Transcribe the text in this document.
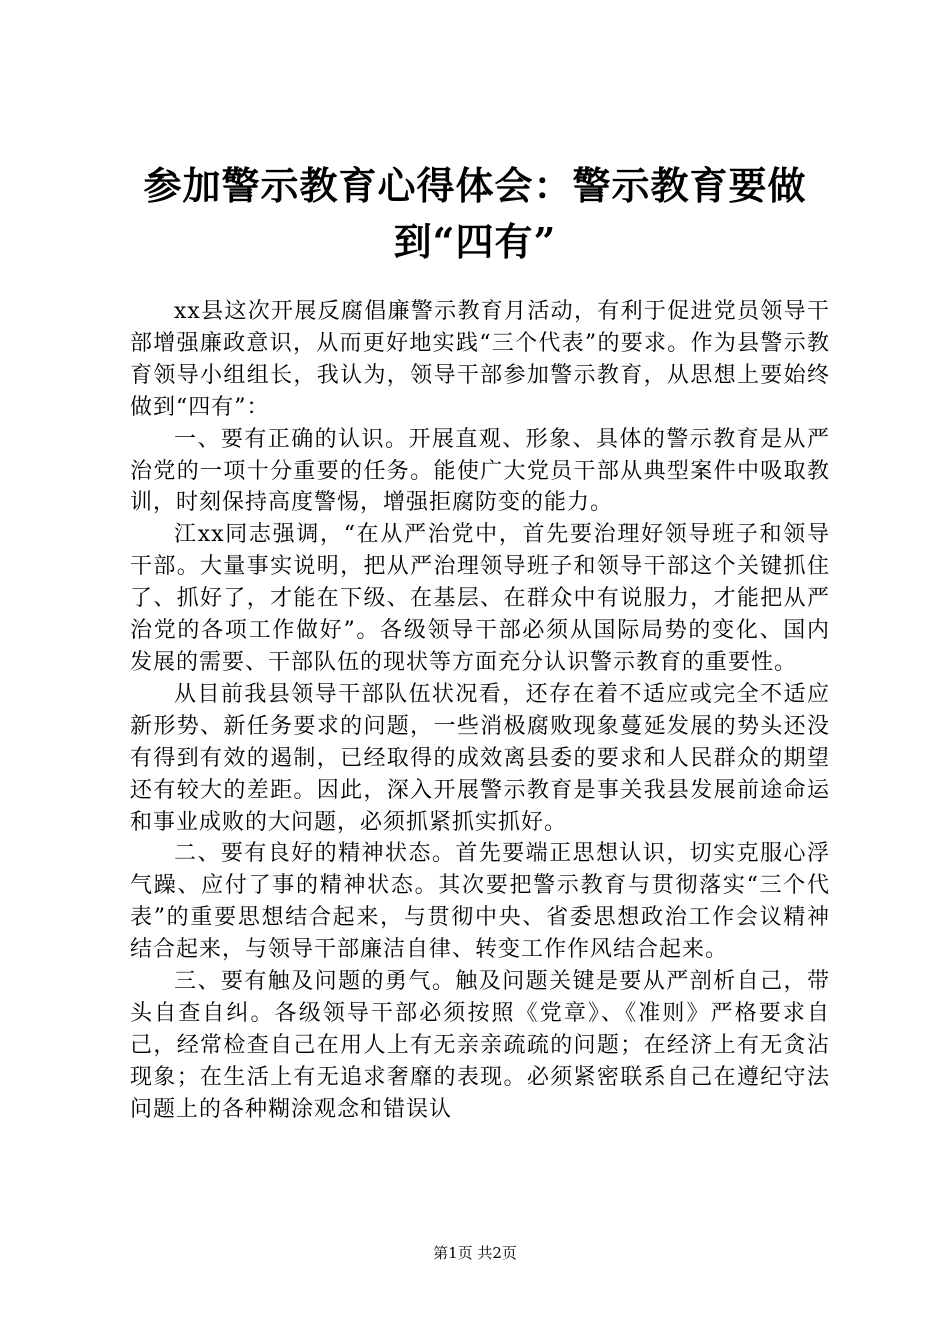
参加警示教育心得体会：警示教育要做到“四有”

xx县这次开展反腐倡廉警示教育月活动，有利于促进党员领导干部增强廉政意识，从而更好地实践“三个代表”的要求。作为县警示教育领导小组组长，我认为，领导干部参加警示教育，从思想上要始终做到“四有”：

一、要有正确的认识。开展直观、形象、具体的警示教育是从严治党的一项十分重要的任务。能使广大党员干部从典型案件中吸取教训，时刻保持高度警惕，增强拒腐防变的能力。

江xx同志强调，“在从严治党中，首先要治理好领导班子和领导干部。大量事实说明，把从严治理领导班子和领导干部这个关键抓住了、抓好了，才能在下级、在基层、在群众中有说服力，才能把从严治党的各项工作做好”。各级领导干部必须从国际局势的变化、国内发展的需要、干部队伍的现状等方面充分认识警示教育的重要性。

从目前我县领导干部队伍状况看，还存在着不适应或完全不适应新形势、新任务要求的问题，一些消极腐败现象蔓延发展的势头还没有得到有效的遏制，已经取得的成效离县委的要求和人民群众的期望还有较大的差距。因此，深入开展警示教育是事关我县发展前途命运和事业成败的大问题，必须抓紧抓实抓好。

二、要有良好的精神状态。首先要端正思想认识，切实克服心浮气躁、应付了事的精神状态。其次要把警示教育与贯彻落实“三个代表”的重要思想结合起来，与贯彻中央、省委思想政治工作会议精神结合起来，与领导干部廉洁自律、转变工作作风结合起来。

三、要有触及问题的勇气。触及问题关键是要从严剖析自己，带头自查自纠。各级领导干部必须按照《党章》、《准则》严格要求自己，经常检查自己在用人上有无亲亲疏疏的问题；在经济上有无贪沾现象；在生活上有无追求奢靡的表现。必须紧密联系自己在遵纪守法问题上的各种糊涂观念和错误认

第1页 共2页
